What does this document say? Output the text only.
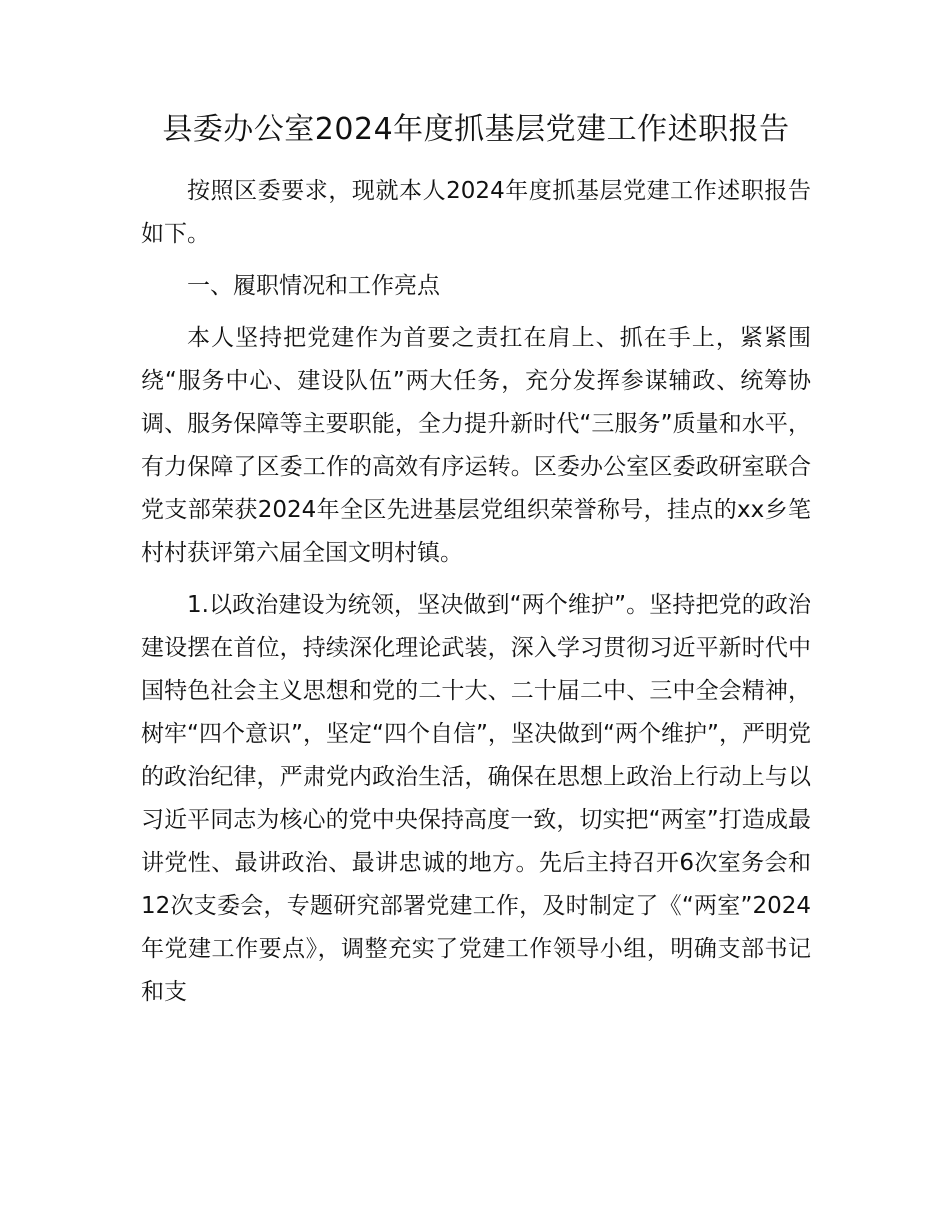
县委办公室2024年度抓基层党建工作述职报告

按照区委要求，现就本人2024年度抓基层党建工作述职报告如下。

一、履职情况和工作亮点

本人坚持把党建作为首要之责扛在肩上、抓在手上，紧紧围绕“服务中心、建设队伍”两大任务，充分发挥参谋辅政、统筹协调、服务保障等主要职能，全力提升新时代“三服务”质量和水平，有力保障了区委工作的高效有序运转。区委办公室区委政研室联合党支部荣获2024年全区先进基层党组织荣誉称号，挂点的xx乡笔村村获评第六届全国文明村镇。

1.以政治建设为统领，坚决做到“两个维护”。坚持把党的政治建设摆在首位，持续深化理论武装，深入学习贯彻习近平新时代中国特色社会主义思想和党的二十大、二十届二中、三中全会精神，树牢“四个意识”，坚定“四个自信”，坚决做到“两个维护”，严明党的政治纪律，严肃党内政治生活，确保在思想上政治上行动上与以习近平同志为核心的党中央保持高度一致，切实把“两室”打造成最讲党性、最讲政治、最讲忠诚的地方。先后主持召开6次室务会和12次支委会，专题研究部署党建工作，及时制定了《“两室”2024年党建工作要点》，调整充实了党建工作领导小组，明确支部书记和支
